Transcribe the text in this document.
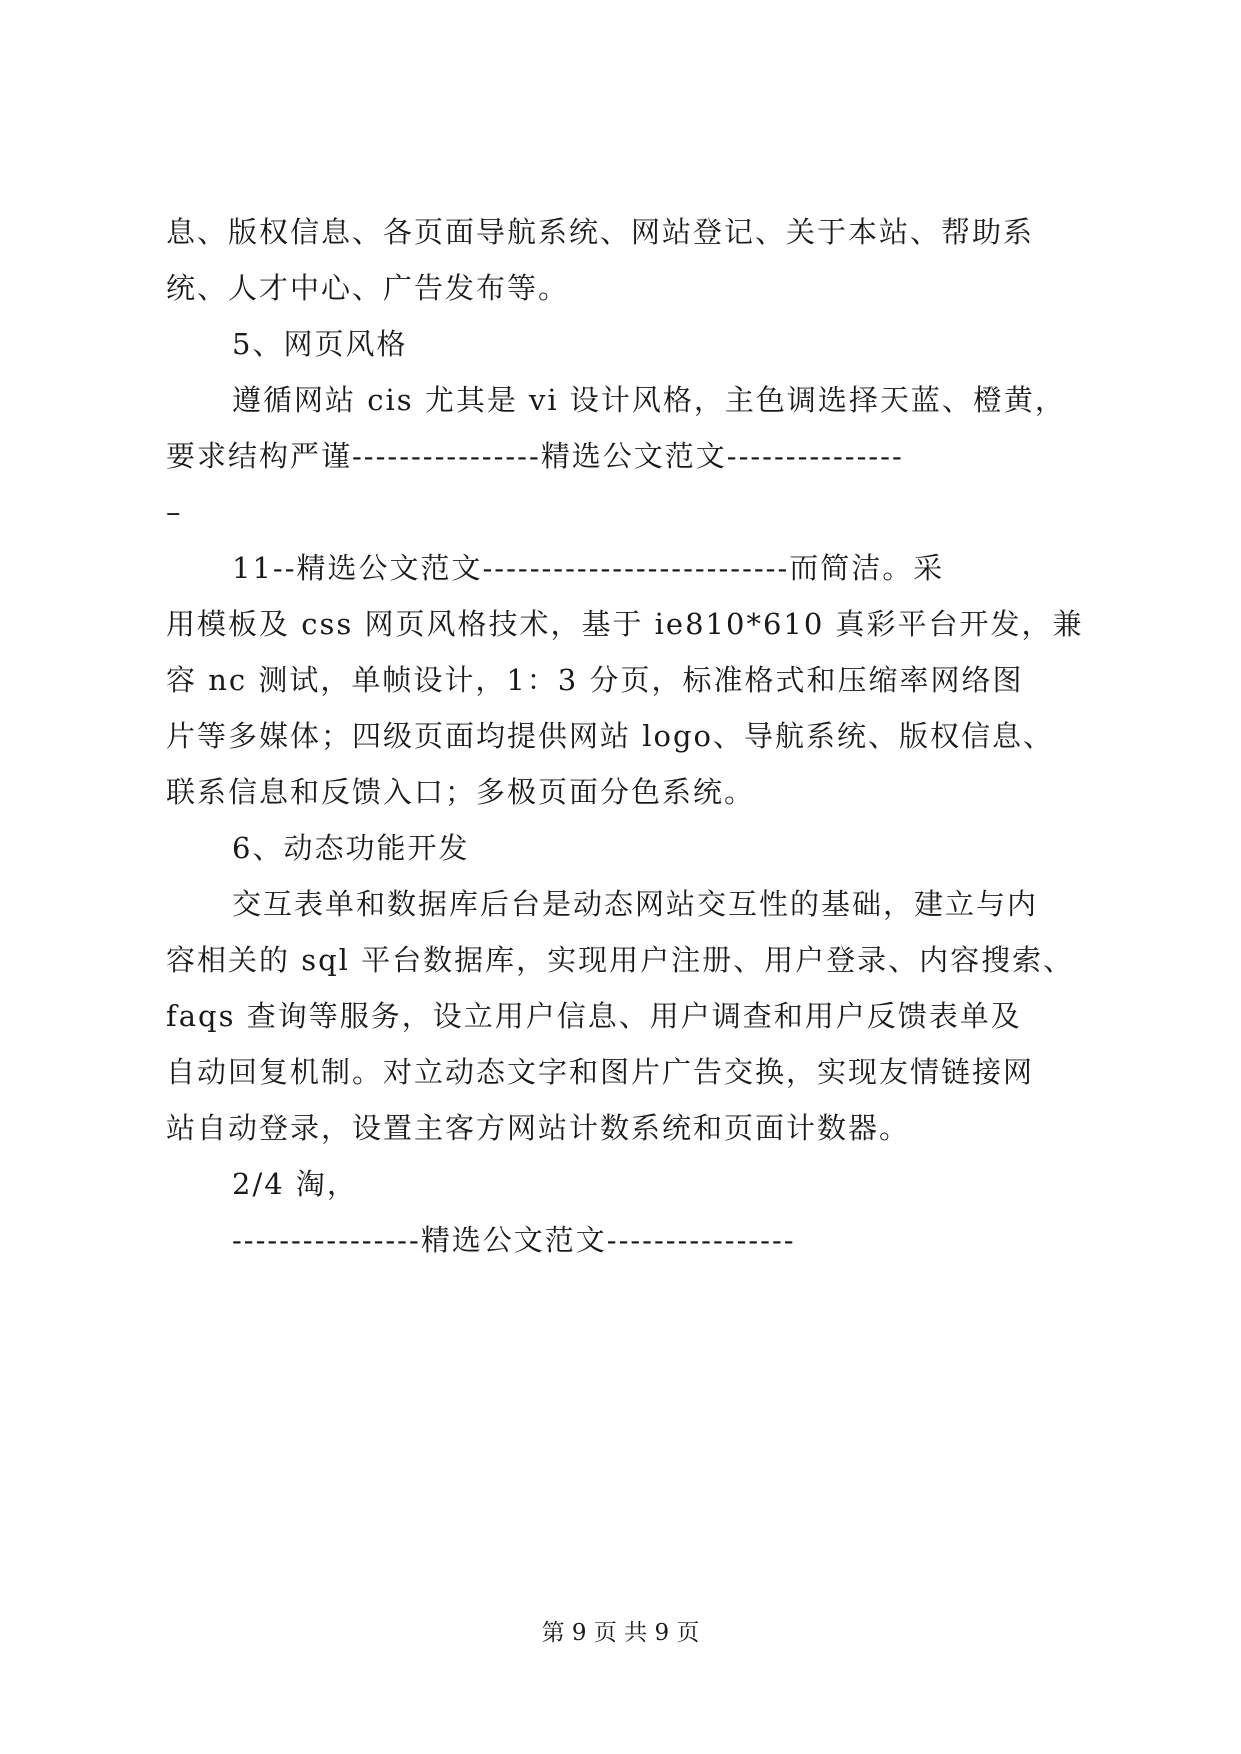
息、版权信息、各页面导航系统、网站登记、关于本站、帮助系
统、人才中心、广告发布等。
5、网页风格
遵循网站 cis 尤其是 vi 设计风格，主色调选择天蓝、橙黄，
要求结构严谨----------------精选公文范文---------------
–
11--精选公文范文--------------------------而简洁。采
用模板及 css 网页风格技术，基于 ie810*610 真彩平台开发，兼
容 nc 测试，单帧设计，1：3 分页，标准格式和压缩率网络图
片等多媒体；四级页面均提供网站 logo、导航系统、版权信息、
联系信息和反馈入口；多极页面分色系统。
6、动态功能开发
交互表单和数据库后台是动态网站交互性的基础，建立与内
容相关的 sql 平台数据库，实现用户注册、用户登录、内容搜索、
faqs 查询等服务，设立用户信息、用户调查和用户反馈表单及
自动回复机制。对立动态文字和图片广告交换，实现友情链接网
站自动登录，设置主客方网站计数系统和页面计数器。
2/4 淘，
----------------精选公文范文----------------
第 9 页 共 9 页
